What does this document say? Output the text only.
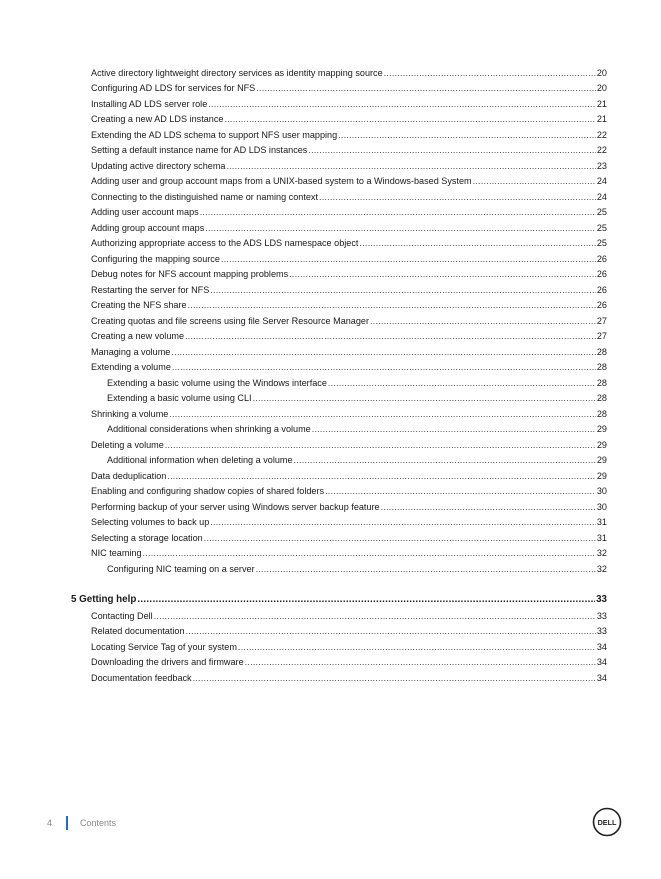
Active directory lightweight directory services as identity mapping source .....	20
Configuring AD LDS for services for NFS .....	20
Installing AD LDS server role .....	21
Creating a new AD LDS instance .....	21
Extending the AD LDS schema to support NFS user mapping .....	22
Setting a default instance name for AD LDS instances .....	22
Updating active directory schema .....	23
Adding user and group account maps from a UNIX-based system to a Windows-based System .....	24
Connecting to the distinguished name or naming context .....	24
Adding user account maps .....	25
Adding group account maps .....	25
Authorizing appropriate access to the ADS LDS namespace object .....	25
Configuring the mapping source .....	26
Debug notes for NFS account mapping problems .....	26
Restarting the server for NFS .....	26
Creating the NFS share .....	26
Creating quotas and file screens using file Server Resource Manager .....	27
Creating a new volume .....	27
Managing a volume .....	28
Extending a volume .....	28
Extending a basic volume using the Windows interface .....	28
Extending a basic volume using CLI .....	28
Shrinking a volume .....	28
Additional considerations when shrinking a volume .....	29
Deleting a volume .....	29
Additional information when deleting a volume .....	29
Data deduplication .....	29
Enabling and configuring shadow copies of shared folders .....	30
Performing backup of your server using Windows server backup feature .....	30
Selecting volumes to back up .....	31
Selecting a storage location .....	31
NIC teaming .....	32
Configuring NIC teaming on a server .....	32
5 Getting help .....	33
Contacting Dell .....	33
Related documentation .....	33
Locating Service Tag of your system .....	34
Downloading the drivers and firmware .....	34
Documentation feedback .....	34
4	Contents	DELL
